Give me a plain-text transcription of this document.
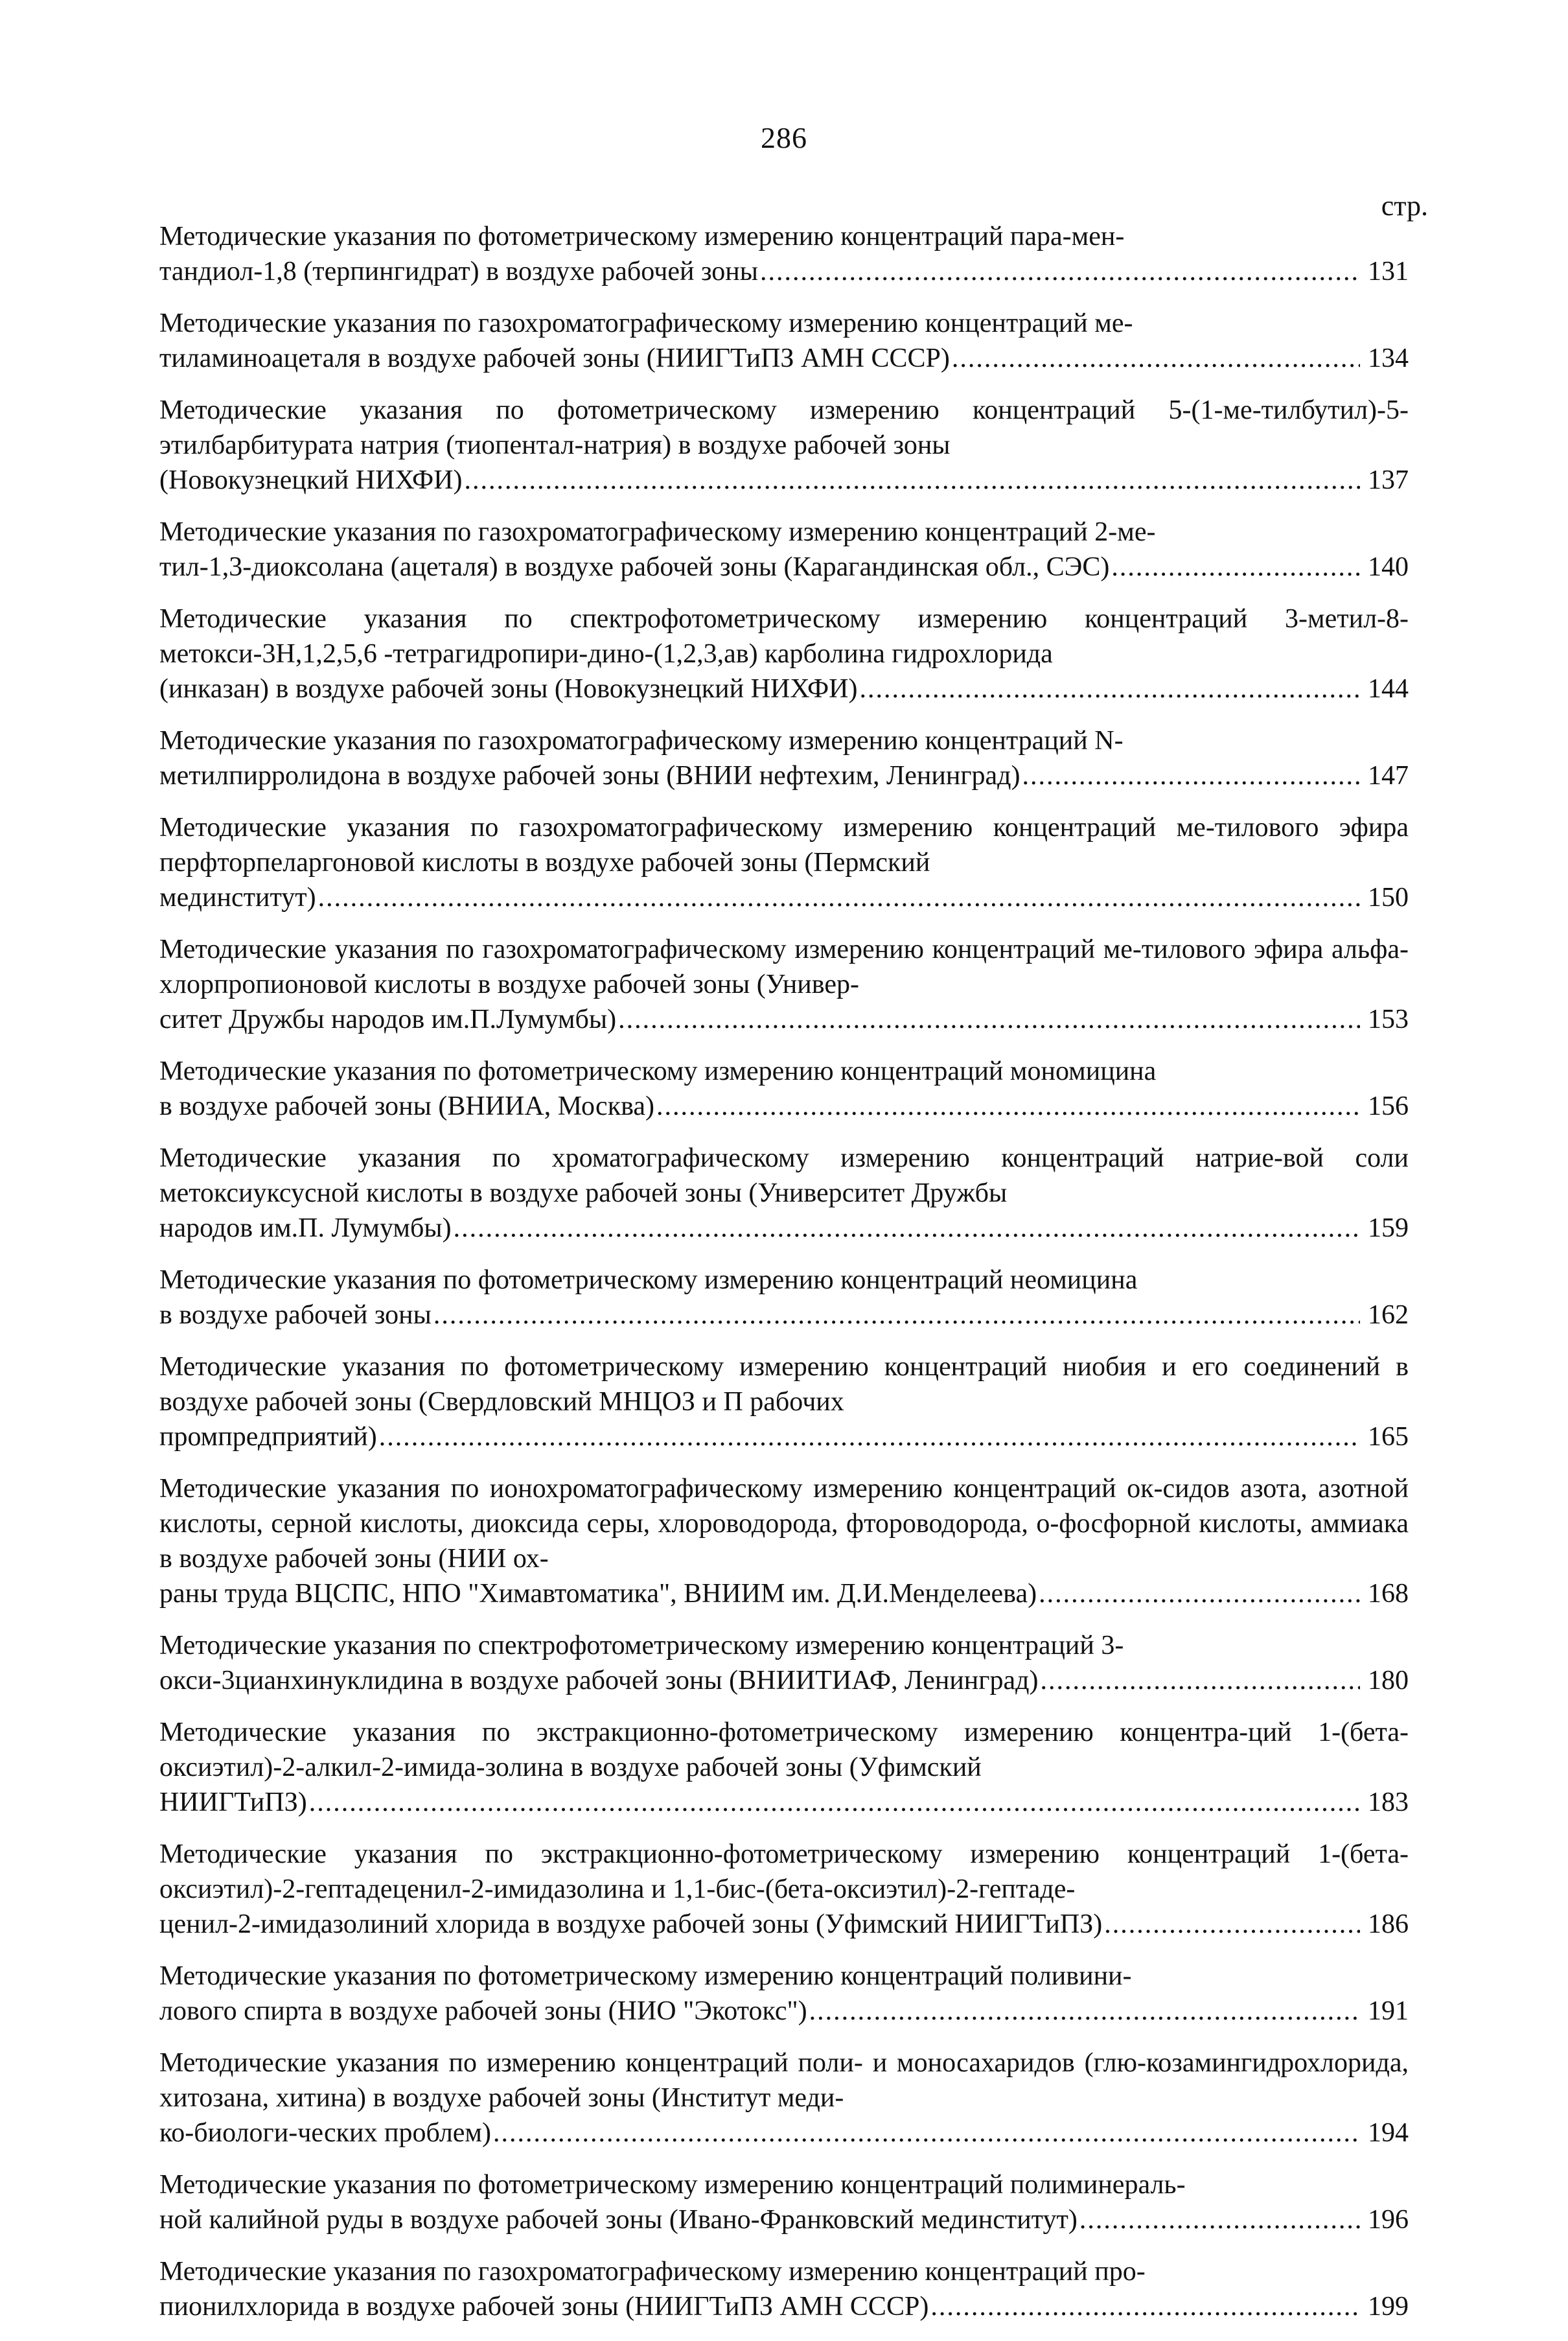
286
стр.
Методические указания по фотометрическому измерению концентраций пара-мен-
тандиол-1,8 (терпингидрат) в воздухе рабочей зоны .....	131
Методические указания по газохроматографическому измерению концентраций ме-
тиламиноацеталя в воздухе рабочей зоны (НИИГТиПЗ АМН СССР) .....	134
Методические указания по фотометрическому измерению концентраций 5-(1-ме-тилбутил)-5-этилбарбитурата натрия (тиопентал-натрия) в воздухе рабочей зоны
(Новокузнецкий НИХФИ) .....	137
Методические указания по газохроматографическому измерению концентраций 2-ме-
тил-1,3-диоксолана (ацеталя) в воздухе рабочей зоны (Карагандинская обл., СЭС) .....	140
Методические указания по спектрофотометрическому измерению концентраций 3-метил-8-метокси-3Н,1,2,5,6 -тетрагидропири-дино-(1,2,3,ав) карболина гидрохлорида
(инказан) в воздухе рабочей зоны (Новокузнецкий НИХФИ) .....	144
Методические указания по газохроматографическому измерению концентраций N-
метилпирролидона в воздухе рабочей зоны (ВНИИ нефтехим, Ленинград) .....	147
Методические указания по газохроматографическому измерению концентраций ме-тилового эфира перфторпеларгоновой кислоты в воздухе рабочей зоны (Пермский
мединститут) .....	150
Методические указания по газохроматографическому измерению концентраций ме-тилового эфира альфа-хлорпропионовой кислоты в воздухе рабочей зоны (Универ-
ситет Дружбы народов им.П.Лумумбы) .....	153
Методические указания по фотометрическому измерению концентраций мономицина
в воздухе рабочей зоны (ВНИИА, Москва) .....	156
Методические указания по хроматографическому измерению концентраций натрие-вой соли метоксиуксусной кислоты в воздухе рабочей зоны (Университет Дружбы
народов им.П. Лумумбы) .....	159
Методические указания по фотометрическому измерению концентраций неомицина
в воздухе рабочей зоны .....	162
Методические указания по фотометрическому измерению концентраций ниобия и его соединений в воздухе рабочей зоны (Свердловский МНЦОЗ и П рабочих
промпредприятий) .....	165
Методические указания по ионохроматографическому измерению концентраций ок-сидов азота, азотной кислоты, серной кислоты, диоксида серы, хлороводорода, фтороводорода, о-фосфорной кислоты, аммиака в воздухе рабочей зоны (НИИ ох-
раны труда ВЦСПС, НПО "Химавтоматика", ВНИИМ им. Д.И.Менделеева) .....	168
Методические указания по спектрофотометрическому измерению концентраций 3-
окси-3цианхинуклидина в воздухе рабочей зоны (ВНИИТИАФ, Ленинград) .....	180
Методические указания по экстракционно-фотометрическому измерению концентра-ций 1-(бета-оксиэтил)-2-алкил-2-имида-золина в воздухе рабочей зоны (Уфимский
НИИГТиПЗ) .....	183
Методические указания по экстракционно-фотометрическому измерению концентраций 1-(бета-оксиэтил)-2-гептадеценил-2-имидазолина и 1,1-бис-(бета-оксиэтил)-2-гептаде-
ценил-2-имидазолиний хлорида в воздухе рабочей зоны (Уфимский НИИГТиПЗ) .....	186
Методические указания по фотометрическому измерению концентраций поливини-
лового спирта в воздухе рабочей зоны (НИО "Экотокс") .....	191
Методические указания по измерению концентраций поли- и моносахаридов (глю-козамингидрохлорида, хитозана, хитина) в воздухе рабочей зоны (Институт меди-
ко-биологи-ческих проблем) .....	194
Методические указания по фотометрическому измерению концентраций полиминераль-
ной калийной руды в воздухе рабочей зоны (Ивано-Франковский мединститут) .....	196
Методические указания по газохроматографическому измерению концентраций про-
пионилхлорида в воздухе рабочей зоны (НИИГТиПЗ АМН СССР) .....	199
